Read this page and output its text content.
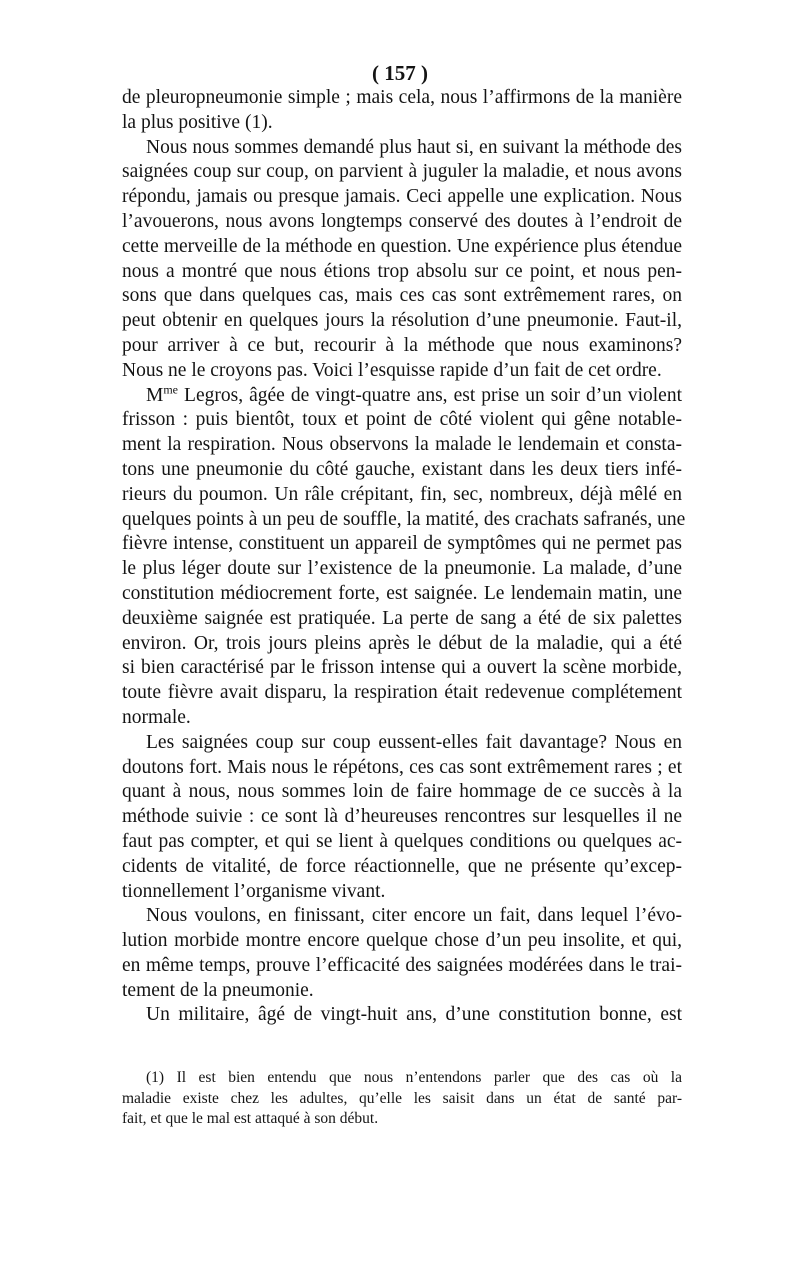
( 157 )
de pleuropneumonie simple ; mais cela, nous l’affirmons de la manière
la plus positive (1).
Nous nous sommes demandé plus haut si, en suivant la méthode des
saignées coup sur coup, on parvient à juguler la maladie, et nous avons
répondu, jamais ou presque jamais. Ceci appelle une explication. Nous
l’avouerons, nous avons longtemps conservé des doutes à l’endroit de
cette merveille de la méthode en question. Une expérience plus étendue
nous a montré que nous étions trop absolu sur ce point, et nous pen-
sons que dans quelques cas, mais ces cas sont extrêmement rares, on
peut obtenir en quelques jours la résolution d’une pneumonie. Faut-il,
pour arriver à ce but, recourir à la méthode que nous examinons?
Nous ne le croyons pas. Voici l’esquisse rapide d’un fait de cet ordre.
$M^{me}$ Legros, âgée de vingt-quatre ans, est prise un soir d’un violent
frisson : puis bientôt, toux et point de côté violent qui gêne notable-
ment la respiration. Nous observons la malade le lendemain et consta-
tons une pneumonie du côté gauche, existant dans les deux tiers infé-
rieurs du poumon. Un râle crépitant, fin, sec, nombreux, déjà mêlé en
quelques points à un peu de souffle, la matité, des crachats safranés, une
fièvre intense, constituent un appareil de symptômes qui ne permet pas
le plus léger doute sur l’existence de la pneumonie. La malade, d’une
constitution médiocrement forte, est saignée. Le lendemain matin, une
deuxième saignée est pratiquée. La perte de sang a été de six palettes
environ. Or, trois jours pleins après le début de la maladie, qui a été
si bien caractérisé par le frisson intense qui a ouvert la scène morbide,
toute fièvre avait disparu, la respiration était redevenue complétement
normale.
Les saignées coup sur coup eussent-elles fait davantage? Nous en
doutons fort. Mais nous le répétons, ces cas sont extrêmement rares ; et
quant à nous, nous sommes loin de faire hommage de ce succès à la
méthode suivie : ce sont là d’heureuses rencontres sur lesquelles il ne
faut pas compter, et qui se lient à quelques conditions ou quelques ac-
cidents de vitalité, de force réactionnelle, que ne présente qu’excep-
tionnellement l’organisme vivant.
Nous voulons, en finissant, citer encore un fait, dans lequel l’évo-
lution morbide montre encore quelque chose d’un peu insolite, et qui,
en même temps, prouve l’efficacité des saignées modérées dans le trai-
tement de la pneumonie.
Un militaire, âgé de vingt-huit ans, d’une constitution bonne, est
(1) Il est bien entendu que nous n’entendons parler que des cas où la
maladie existe chez les adultes, qu’elle les saisit dans un état de santé par-
fait, et que le mal est attaqué à son début.
